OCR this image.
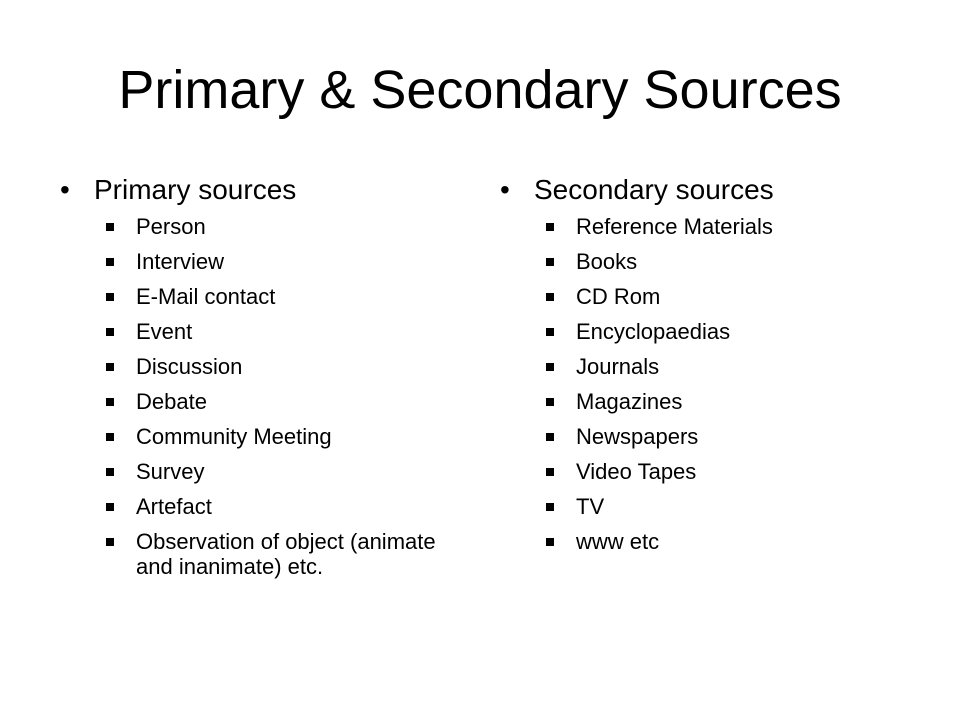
Primary & Secondary Sources
• Primary sources
Person
Interview
E-Mail contact
Event
Discussion
Debate
Community Meeting
Survey
Artefact
Observation of object (animate and inanimate) etc.
• Secondary sources
Reference Materials
Books
CD Rom
Encyclopaedias
Journals
Magazines
Newspapers
Video Tapes
TV
www etc
